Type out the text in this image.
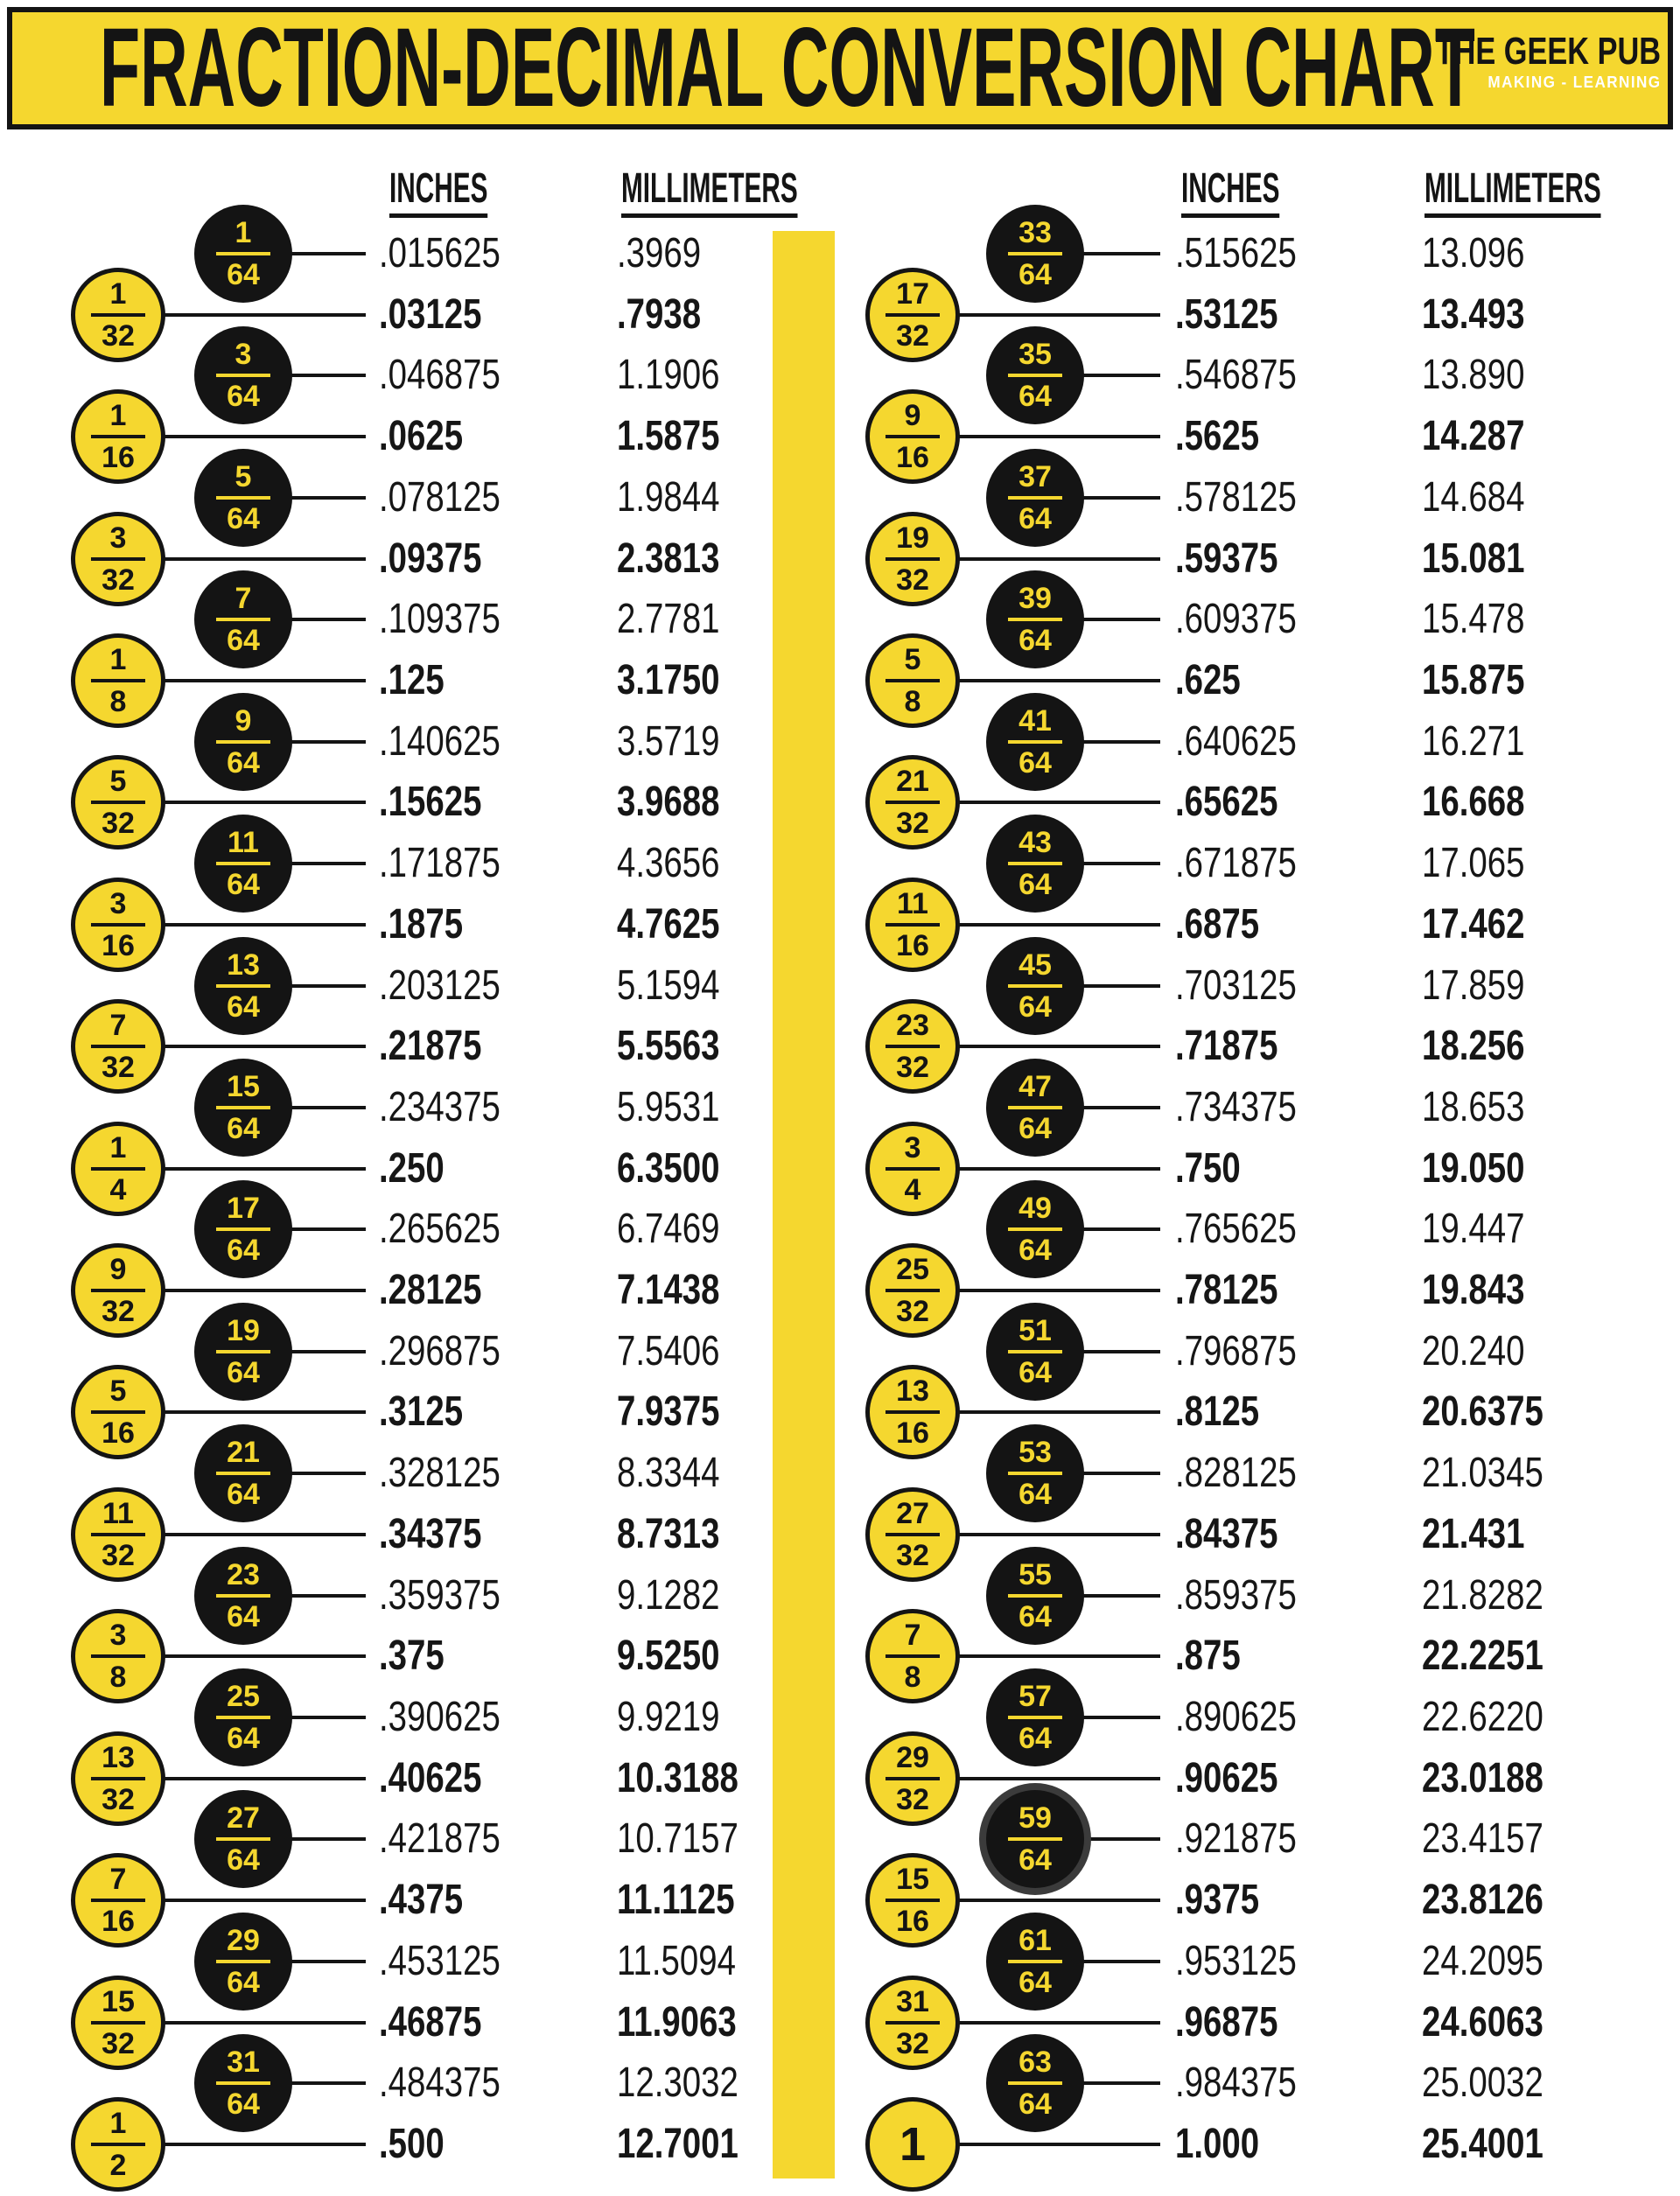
FRACTION-DECIMAL CONVERSION CHART
THE GEEK PUB
MAKING - LEARNING
INCHES	MILLIMETERS	INCHES	MILLIMETERS
$\frac{1}{64}$	.015625	.3969
$\frac{1}{32}$	.03125	.7938
$\frac{3}{64}$	.046875	1.1906
$\frac{1}{16}$	.0625	1.5875
$\frac{5}{64}$	.078125	1.9844
$\frac{3}{32}$	.09375	2.3813
$\frac{7}{64}$	.109375	2.7781
$\frac{1}{8}$	.125	3.1750
$\frac{9}{64}$	.140625	3.5719
$\frac{5}{32}$	.15625	3.9688
$\frac{11}{64}$	.171875	4.3656
$\frac{3}{16}$	.1875	4.7625
$\frac{13}{64}$	.203125	5.1594
$\frac{7}{32}$	.21875	5.5563
$\frac{15}{64}$	.234375	5.9531
$\frac{1}{4}$	.250	6.3500
$\frac{17}{64}$	.265625	6.7469
$\frac{9}{32}$	.28125	7.1438
$\frac{19}{64}$	.296875	7.5406
$\frac{5}{16}$	.3125	7.9375
$\frac{21}{64}$	.328125	8.3344
$\frac{11}{32}$	.34375	8.7313
$\frac{23}{64}$	.359375	9.1282
$\frac{3}{8}$	.375	9.5250
$\frac{25}{64}$	.390625	9.9219
$\frac{13}{32}$	.40625	10.3188
$\frac{27}{64}$	.421875	10.7157
$\frac{7}{16}$	.4375	11.1125
$\frac{29}{64}$	.453125	11.5094
$\frac{15}{32}$	.46875	11.9063
$\frac{31}{64}$	.484375	12.3032
$\frac{1}{2}$	.500	12.7001
$\frac{33}{64}$	.515625	13.096
$\frac{17}{32}$	.53125	13.493
$\frac{35}{64}$	.546875	13.890
$\frac{9}{16}$	.5625	14.287
$\frac{37}{64}$	.578125	14.684
$\frac{19}{32}$	.59375	15.081
$\frac{39}{64}$	.609375	15.478
$\frac{5}{8}$	.625	15.875
$\frac{41}{64}$	.640625	16.271
$\frac{21}{32}$	.65625	16.668
$\frac{43}{64}$	.671875	17.065
$\frac{11}{16}$	.6875	17.462
$\frac{45}{64}$	.703125	17.859
$\frac{23}{32}$	.71875	18.256
$\frac{47}{64}$	.734375	18.653
$\frac{3}{4}$	.750	19.050
$\frac{49}{64}$	.765625	19.447
$\frac{25}{32}$	.78125	19.843
$\frac{51}{64}$	.796875	20.240
$\frac{13}{16}$	.8125	20.6375
$\frac{53}{64}$	.828125	21.0345
$\frac{27}{32}$	.84375	21.431
$\frac{55}{64}$	.859375	21.8282
$\frac{7}{8}$	.875	22.2251
$\frac{57}{64}$	.890625	22.6220
$\frac{29}{32}$	.90625	23.0188
$\frac{59}{64}$	.921875	23.4157
$\frac{15}{16}$	.9375	23.8126
$\frac{61}{64}$	.953125	24.2095
$\frac{31}{32}$	.96875	24.6063
$\frac{63}{64}$	.984375	25.0032
1	1.000	25.4001
